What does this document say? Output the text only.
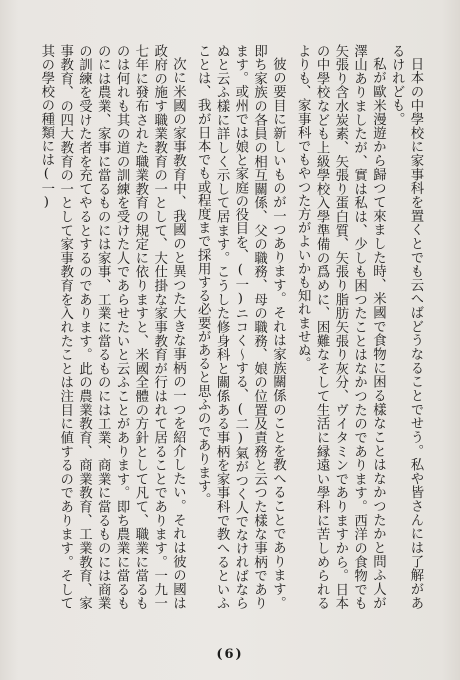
日本の中學校に家事科を置くとでも云へばどうなることでせう。私や皆さんには了解があるけれども。

私が歐米漫遊から歸つて來ました時、米國で食物に困る樣なことはなかつたかと問ふ人が澤山ありましたが、實は私は、少しも困つたことはなかつたのであります。西洋の食物でも矢張り含水炭素、矢張り蛋白質、矢張り脂肪矢張り灰分、ヴイタミンでありますから。日本の中學校なども上級學校入學準備の爲めに、困難なそして生活に縁遠い學科に苦しめられるよりも、家事科でもやつた方がよいかも知れませぬ。

彼の要目に新しいものが一つあります。それは家族關係のことを教へることであります。即ち家族の各員の相互關係、父の職務、母の職務、娘の位置及責務と云つた樣な事柄であります。或州では娘と家庭の役目を、(一)ニコく～する、(二)氣がつく人でなければならぬと云ふ樣に詳しく示して居ます。こうした修身科と關係ある事柄を家事科で教へるといふことは、我が日本でも或程度まで採用する必要があると思ふのであります。

次に米國の家事教育中、我國のと異つた大きな事柄の一つを紹介したい。それは彼の國は政府の施す職業教育の一として、大仕掛な家事教育が行はれて居ることであります。一九一七年に發布された職業教育の規定に依りますと、米國全體の方針として凡て、職業に當るものは何れも其の道の訓練を受けた人であらせたいと云ふことがあります。即ち農業に當るものには農業、家事に當るものには家事、工業に當るものには工業、商業に當るものには商業の訓練を受けた者を充てやるとするのであります。此の農業教育、商業教育、工業教育、家事教育、の四大教育の一として家事教育を入れたことは注目に値するのであります。そして其の學校の種類には(一)

(6)
